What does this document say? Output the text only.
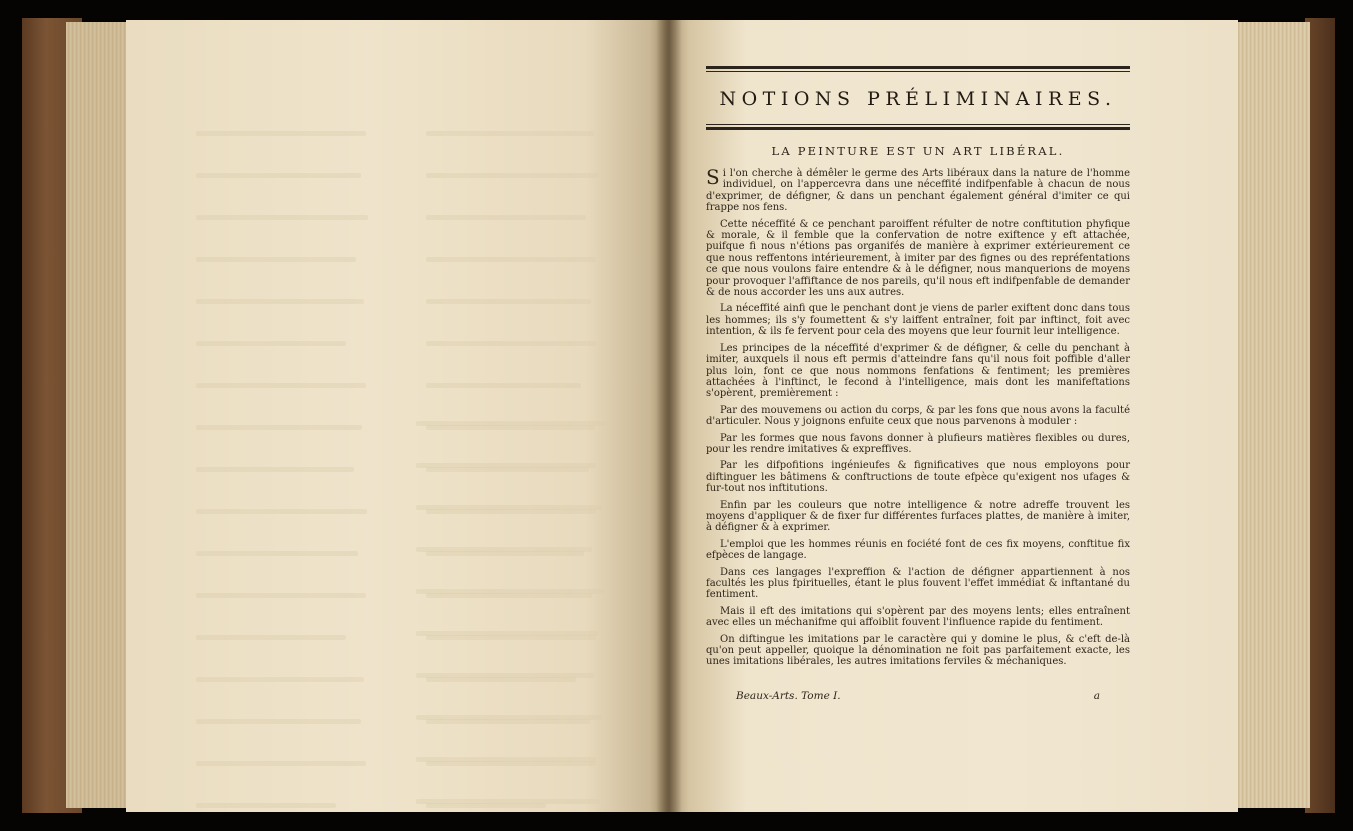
NOTIONS PRÉLIMINAIRES.
LA PEINTURE EST UN ART LIBÉRAL.

Si l'on cherche à démêler le germe des Arts libéraux dans la nature de l'homme individuel, on l'appercevra dans une néceffité indifpenfable à chacun de nous d'exprimer, de défigner, & dans un penchant également général d'imiter ce qui frappe nos fens.

Cette néceffité & ce penchant paroiffent réfulter de notre conftitution phyfique & morale, & il femble que la confervation de notre exiftence y eft attachée, puifque fi nous n'étions pas organifés de manière à exprimer extérieurement ce que nous reffentons intérieurement, à imiter par des fignes ou des repréfentations ce que nous voulons faire entendre & à le défigner, nous manquerions de moyens pour provoquer l'affiftance de nos pareils, qu'il nous eft indifpenfable de demander & de nous accorder les uns aux autres.

La néceffité ainfi que le penchant dont je viens de parler exiftent donc dans tous les hommes; ils s'y foumettent & s'y laiffent entraîner, foit par inftinct, foit avec intention, & ils fe fervent pour cela des moyens que leur fournit leur intelligence.

Les principes de la néceffité d'exprimer & de défigner, & celle du penchant à imiter, auxquels il nous eft permis d'atteindre fans qu'il nous foit poffible d'aller plus loin, font ce que nous nommons fenfations & fentiment; les premières attachées à l'inftinct, le fecond à l'intelligence, mais dont les manifeftations s'opèrent, premièrement :

Par des mouvemens ou action du corps, & par les fons que nous avons la faculté d'articuler. Nous y joignons enfuite ceux que nous parvenons à moduler :

Par les formes que nous favons donner à plufieurs matières flexibles ou dures, pour les rendre imitatives & expreffives.

Par les difpofitions ingénieufes & fignificatives que nous employons pour diftinguer les bâtimens & conftructions de toute efpèce qu'exigent nos ufages & fur-tout nos inftitutions.

Enfin par les couleurs que notre intelligence & notre adreffe trouvent les moyens d'appliquer & de fixer fur différentes furfaces plattes, de manière à imiter, à défigner & à exprimer.

L'emploi que les hommes réunis en fociété font de ces fix moyens, conftitue fix efpèces de langage.

Dans ces langages l'expreffion & l'action de défigner appartiennent à nos facultés les plus fpirituelles, étant le plus fouvent l'effet immédiat & inftantané du fentiment.

Mais il eft des imitations qui s'opèrent par des moyens lents; elles entraînent avec elles un méchanifme qui affoiblit fouvent l'influence rapide du fentiment.

On diftingue les imitations par le caractère qui y domine le plus, & c'eft de-là qu'on peut appeller, quoique la dénomination ne foit pas parfaitement exacte, les unes imitations libérales, les autres imitations ferviles & méchaniques.

Beaux-Arts. Tome I.	a
